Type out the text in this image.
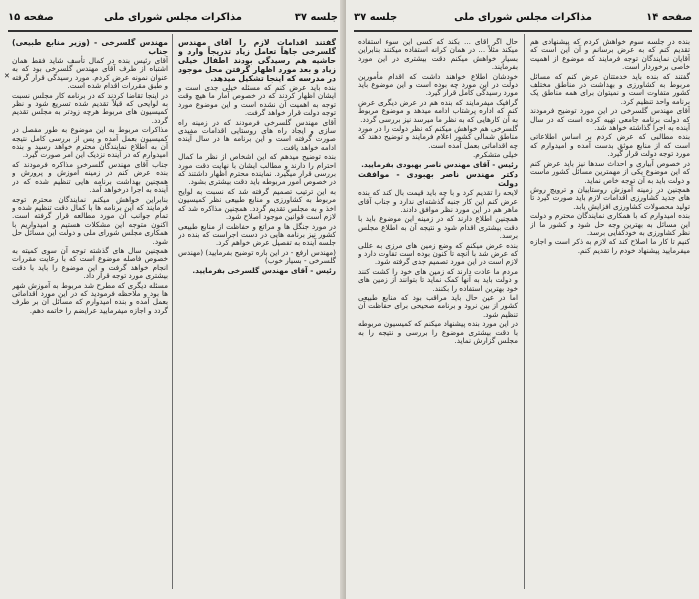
صفحه ۱۵	مذاکرات مجلس شورای ملی	جلسه ۳۷
✕

گفتند اقدامات لازم را آقای مهندس گلسرخی جاهاً تعامل زیاد تدریجاً وارد و حاشیه هم رسیدگی بودند اطفال خیلی زیاد و بعد مورد اظهار گرفتن محل موجود در مدرسه که اینجا تشکیل میدهد.

بنده باید عرض کنم که مسئله خیلی جدی است و ایشان اظهار کردند که در خصوص آمار ما هیچ وقت توجه به اهمیت آن نشده است و این موضوع مورد توجه دولت قرار خواهد گرفت.

آقای مهندس گلسرخی فرمودند که در زمینه راه سازی و ایجاد راه های روستایی اقدامات مفیدی صورت گرفته است و این برنامه ها در سال آینده ادامه خواهد یافت.

بنده توضیح میدهم که این اشخاص از نظر ما کمال احترام را دارند و مطالب ایشان با نهایت دقت مورد بررسی قرار میگیرد. نماینده محترم اظهار داشتند که در خصوص امور مربوطه باید دقت بیشتری بشود.

به این ترتیب تصمیم گرفته شد که نسبت به لوایح مربوط به کشاورزی و منابع طبیعی نظر کمیسیون اخذ و به مجلس تقدیم گردد. همچنین مذاکره شد که لازم است قوانین موجود اصلاح شود.

در مورد جنگل ها و مراتع و حفاظت از منابع طبیعی کشور نیز برنامه هایی در دست اجراست که بنده در جلسه آینده به تفصیل عرض خواهم کرد.

(مهندس ارفع - در این باره توضیح بفرمایید) (مهندس گلسرخی - بسیار خوب)

رئیس - آقای مهندس گلسرخی بفرمایید.

مهندس گلسرخی - (وزیر منابع طبیعی) جناب

آقای رئیس بنده در کمال تأسف شاید فقط همان اشتباه از طرف آقای مهندس گلسرخی بود که به عنوان نمونه عرض کردم. مورد رسیدگی قرار گرفته و طبق مقررات اقدام شده است.

در اینجا تقاضا کردند که در برنامه کار مجلس نسبت به لوایحی که قبلاً تقدیم شده تسریع شود و نظر کمیسیون های مربوط هرچه زودتر به مجلس تقدیم گردد.

مذاکرات مربوط به این موضوع به طور مفصل در کمیسیون بعمل آمده و پس از بررسی کامل نتیجه آن به اطلاع نمایندگان محترم خواهد رسید و بنده امیدوارم که در آینده نزدیک این امر صورت گیرد.

جناب آقای مهندس گلسرخی مذاکره فرمودند که بنده عرض کنم در زمینه آموزش و پرورش و همچنین بهداشت برنامه هایی تنظیم شده که در آینده به اجرا درخواهد آمد.

بنابراین خواهش میکنم نمایندگان محترم توجه فرمایند که این برنامه ها با کمال دقت تنظیم شده و تمام جوانب آن مورد مطالعه قرار گرفته است. اکنون متوجه این مشکلات هستیم و امیدواریم با همکاری مجلس شورای ملی و دولت این مسائل حل شود.

همچنین سال های گذشته توجه آن سوی کمیته به خصوص فاصله موضوع است که با رعایت مقررات انجام خواهد گرفت و این موضوع را باید با دقت بیشتری مورد توجه قرار داد.

مسئله دیگری که مطرح شد مربوط به آموزش شهر ها بود و ملاحظه فرمودید که در این مورد اقداماتی بعمل آمده و بنده امیدوارم که مسائل آن بر طرف گردد و اجازه میفرمایید عرایضم را خاتمه دهم.

جلسه ۳۷	مذاکرات مجلس شورای ملی	صفحه ۱۴

بنده در جلسه سوم خواهش کردم که پیشنهادی هم تقدیم کنم که به عرض برسانم و آن این است که آقایان نمایندگان توجه فرمایند که موضوع از اهمیت خاصی برخوردار است.

گفتند که بنده باید خدمتتان عرض کنم که مسائل مربوط به کشاورزی و بهداشت در مناطق مختلف کشور متفاوت است و نمیتوان برای همه مناطق یک برنامه واحد تنظیم کرد.

آقای مهندس گلسرخی در این مورد توضیح فرمودند که دولت برنامه جامعی تهیه کرده است که در سال آینده به اجرا گذاشته خواهد شد.

بنده مطالبی که عرض کردم بر اساس اطلاعاتی است که از منابع موثق بدست آمده و امیدوارم که مورد توجه دولت قرار گیرد.

در خصوص آبیاری و احداث سدها نیز باید عرض کنم که این موضوع یکی از مهمترین مسائل کشور ماست و دولت باید به آن توجه خاص نماید.

همچنین در زمینه آموزش روستاییان و ترویج روش های جدید کشاورزی اقدامات لازم باید صورت گیرد تا تولید محصولات کشاورزی افزایش یابد.

بنده امیدوارم که با همکاری نمایندگان محترم و دولت این مسائل به بهترین وجه حل شود و کشور ما از نظر کشاورزی به خودکفایی برسد.

کنیم تا کار ما اصلاح کند که لازم به ذکر است و اجازه میفرمایید پیشنهاد خودم را تقدیم کنم.

حال اگر آقای ... بکند که کسی این سوء استفاده میکند مثلاً ... در همان کرانه استفاده میکنند بنابراین بسیار خواهش میکنم دقت بیشتری در این مورد بفرمایند.

خودشان اطلاع خواهند داشت که اقدام مأمورین دولت در این مورد چه بوده است و این موضوع باید مورد رسیدگی کامل قرار گیرد.

گرافیک میفرمایند که بنده هم در عرض دیگری عرض کنم که اداره پرشتاب ادامه میدهد و موضوع مربوط به آن کارهایی که به نظر ما میرسد نیز بررسی گردد.

گلسرخی هم خواهش میکنم که نظر دولت را در مورد مناطق شمالی کشور اعلام فرمایند و توضیح دهند که چه اقداماتی بعمل آمده است.

خیلی متشکرم.

رئیس - آقای مهندس ناصر بهبودی بفرمایید.

دکتر مهندس ناصر بهبودی - موافقت دولت

لایحه را تقدیم کرد و با چه باید قیمت بال کند که بنده عرض کنم این کار جنبه گذشته‌ای ندارد و جناب آقای ماهر هم در این مورد نظر موافق دادند.

همچنین اطلاع دارند که در زمینه این موضوع باید با دقت بیشتری اقدام شود و نتیجه آن به اطلاع مجلس برسد.

بنده عرض میکنم که وضع زمین های مرزی به عللی که عرض شد با آنچه تا کنون بوده است تفاوت دارد و لازم است در این مورد تصمیم جدی گرفته شود.

مردم ما عادت دارند که زمین های خود را کشت کنند و دولت باید به آنها کمک نماید تا بتوانند از زمین های خود بهترین استفاده را بکنند.

اما در عین حال باید مراقب بود که منابع طبیعی کشور از بین نرود و برنامه صحیحی برای حفاظت آن تنظیم شود.

در این مورد بنده پیشنهاد میکنم که کمیسیون مربوطه با دقت بیشتری موضوع را بررسی و نتیجه را به مجلس گزارش نماید.
